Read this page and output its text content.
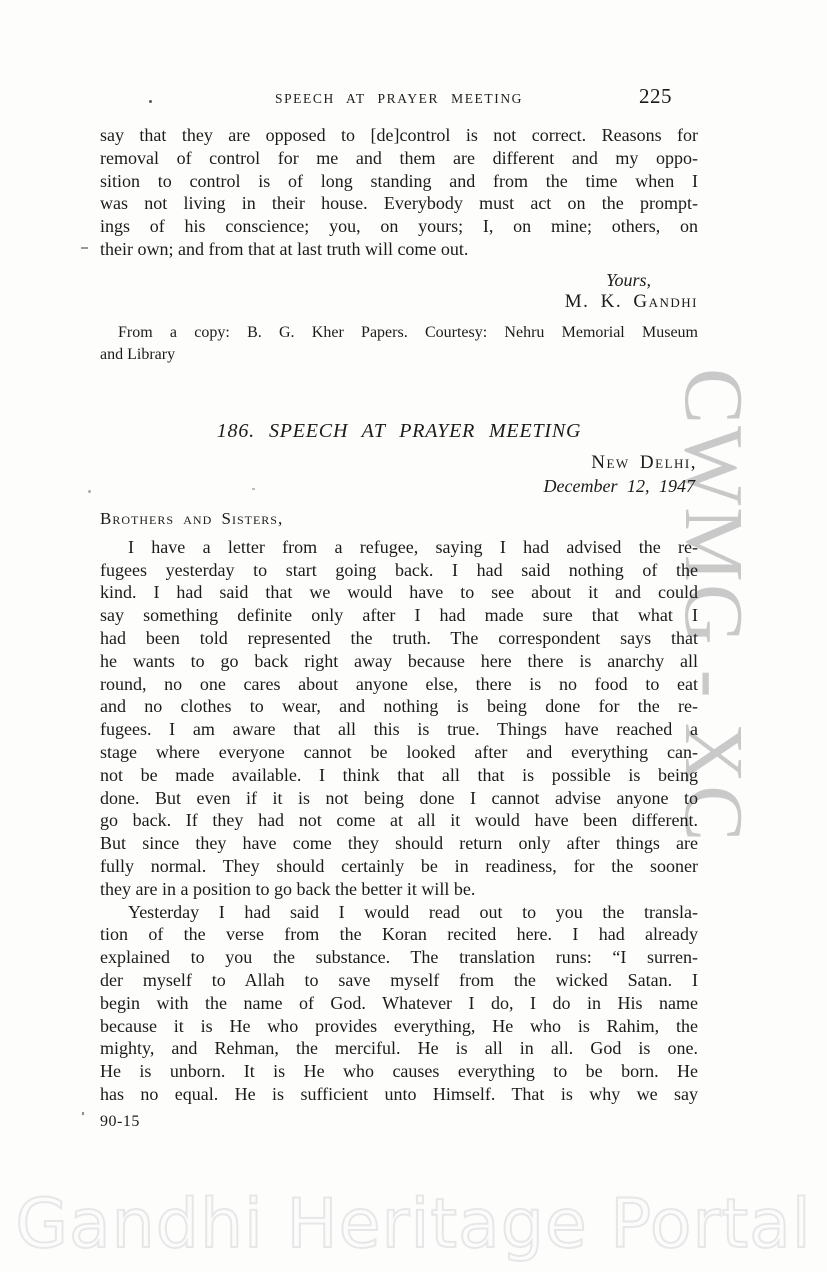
CWMG - XC
SPEECH AT PRAYER MEETING	225
say that they are opposed to [de]control is not correct. Reasons for
removal of control for me and them are different and my oppo-
sition to control is of long standing and from the time when I
was not living in their house. Everybody must act on the prompt-
ings of his conscience; you, on yours; I, on mine; others, on
their own; and from that at last truth will come out.
Yours,
M. K. Gandhi
From a copy: B. G. Kher Papers. Courtesy: Nehru Memorial Museum
and Library
186. SPEECH AT PRAYER MEETING
New Delhi,
December 12, 1947
Brothers and Sisters,
I have a letter from a refugee, saying I had advised the re-
fugees yesterday to start going back. I had said nothing of the
kind. I had said that we would have to see about it and could
say something definite only after I had made sure that what I
had been told represented the truth. The correspondent says that
he wants to go back right away because here there is anarchy all
round, no one cares about anyone else, there is no food to eat
and no clothes to wear, and nothing is being done for the re-
fugees. I am aware that all this is true. Things have reached a
stage where everyone cannot be looked after and everything can-
not be made available. I think that all that is possible is being
done. But even if it is not being done I cannot advise anyone to
go back. If they had not come at all it would have been different.
But since they have come they should return only after things are
fully normal. They should certainly be in readiness, for the sooner
they are in a position to go back the better it will be.
Yesterday I had said I would read out to you the transla-
tion of the verse from the Koran recited here. I had already
explained to you the substance. The translation runs: “I surren-
der myself to Allah to save myself from the wicked Satan. I
begin with the name of God. Whatever I do, I do in His name
because it is He who provides everything, He who is Rahim, the
mighty, and Rehman, the merciful. He is all in all. God is one.
He is unborn. It is He who causes everything to be born. He
has no equal. He is sufficient unto Himself. That is why we say
90-15
Gandhi Heritage Portal
